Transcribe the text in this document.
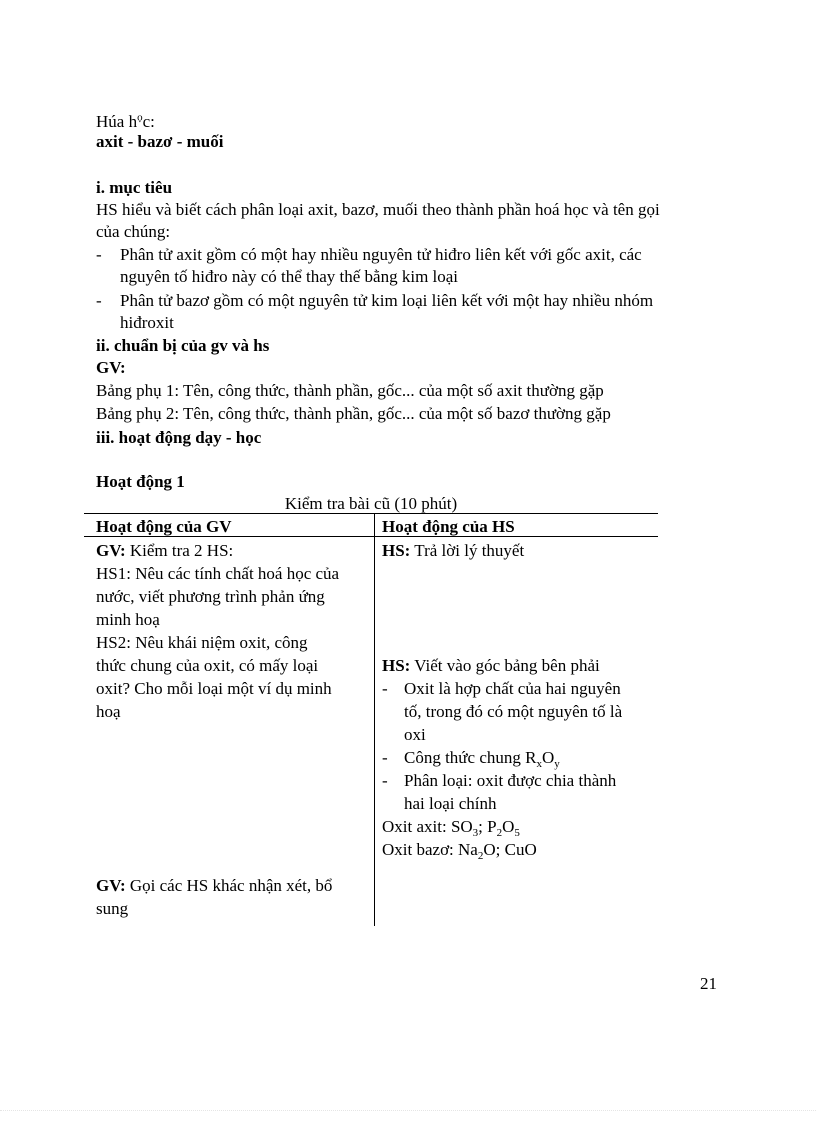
Húa $h^ọc$:
axit - bazơ - muối
i. mục tiêu
HS hiểu và biết cách phân loại axit, bazơ, muối theo thành phần hoá học và tên gọi
của chúng:
- Phân tử axit gồm có một hay nhiều nguyên tử hiđro liên kết với gốc axit, các
nguyên tố hiđro này có thể thay thế bằng kim loại
- Phân tử bazơ gồm có một nguyên tử kim loại liên kết với một hay nhiều nhóm
hiđroxit
ii. chuẩn bị của gv và hs
GV:
Bảng phụ 1: Tên, công thức, thành phần, gốc... của một số axit thường gặp
Bảng phụ 2: Tên, công thức, thành phần, gốc... của một số bazơ thường gặp
iii. hoạt động dạy - học
Hoạt động 1
Kiểm tra bài cũ (10 phút)
Hoạt động của GV	Hoạt động của HS
GV: Kiểm tra 2 HS:
HS1: Nêu các tính chất hoá học của
nước, viết phương trình phản ứng
minh hoạ
HS2: Nêu khái niệm oxit, công
thức chung của oxit, có mấy loại
oxit? Cho mỗi loại một ví dụ minh
hoạ
GV: Gọi các HS khác nhận xét, bổ
sung
HS: Trả lời lý thuyết
HS: Viết vào góc bảng bên phải
- Oxit là hợp chất của hai nguyên
tố, trong đó có một nguyên tố là
oxi
- Công thức chung $R_xO_y$
- Phân loại: oxit được chia thành
hai loại chính
Oxit axit: $SO_3$; $P_2O_5$
Oxit bazơ: $Na_2O$; CuO
21
